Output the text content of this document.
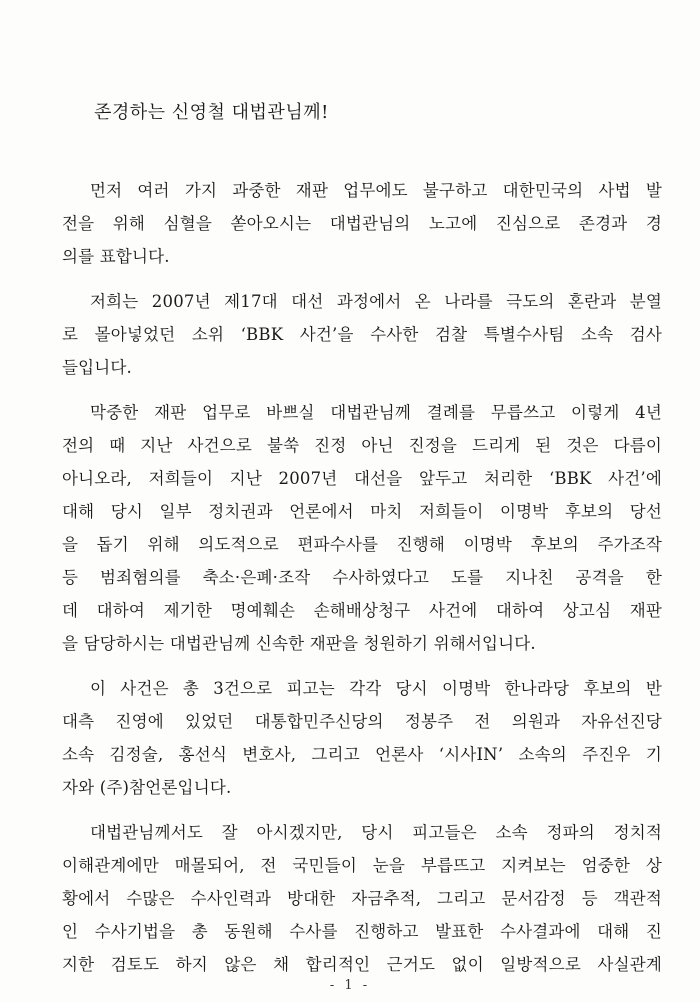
존경하는 신영철 대법관님께!

먼저 여러 가지 과중한 재판 업무에도 불구하고 대한민국의 사법 발
전을 위해 심혈을 쏟아오시는 대법관님의 노고에 진심으로 존경과 경
의를 표합니다.

저희는 2007년 제17대 대선 과정에서 온 나라를 극도의 혼란과 분열
로 몰아넣었던 소위 ‘BBK 사건’을 수사한 검찰 특별수사팀 소속 검사
들입니다.

막중한 재판 업무로 바쁘실 대법관님께 결례를 무릅쓰고 이렇게 4년
전의 때 지난 사건으로 불쑥 진정 아닌 진정을 드리게 된 것은 다름이
아니오라, 저희들이 지난 2007년 대선을 앞두고 처리한 ‘BBK 사건’에
대해 당시 일부 정치권과 언론에서 마치 저희들이 이명박 후보의 당선
을 돕기 위해 의도적으로 편파수사를 진행해 이명박 후보의 주가조작
등 범죄혐의를 축소·은폐·조작 수사하였다고 도를 지나친 공격을 한
데 대하여 제기한 명예훼손 손해배상청구 사건에 대하여 상고심 재판
을 담당하시는 대법관님께 신속한 재판을 청원하기 위해서입니다.

이 사건은 총 3건으로 피고는 각각 당시 이명박 한나라당 후보의 반
대측 진영에 있었던 대통합민주신당의 정봉주 전 의원과 자유선진당
소속 김정술, 홍선식 변호사, 그리고 언론사 ‘시사IN’ 소속의 주진우 기
자와 (주)참언론입니다.

대법관님께서도 잘 아시겠지만, 당시 피고들은 소속 정파의 정치적
이해관계에만 매몰되어, 전 국민들이 눈을 부릅뜨고 지켜보는 엄중한 상
황에서 수많은 수사인력과 방대한 자금추적, 그리고 문서감정 등 객관적
인 수사기법을 총 동원해 수사를 진행하고 발표한 수사결과에 대해 진
지한 검토도 하지 않은 채 합리적인 근거도 없이 일방적으로 사실관계

- 1 -
